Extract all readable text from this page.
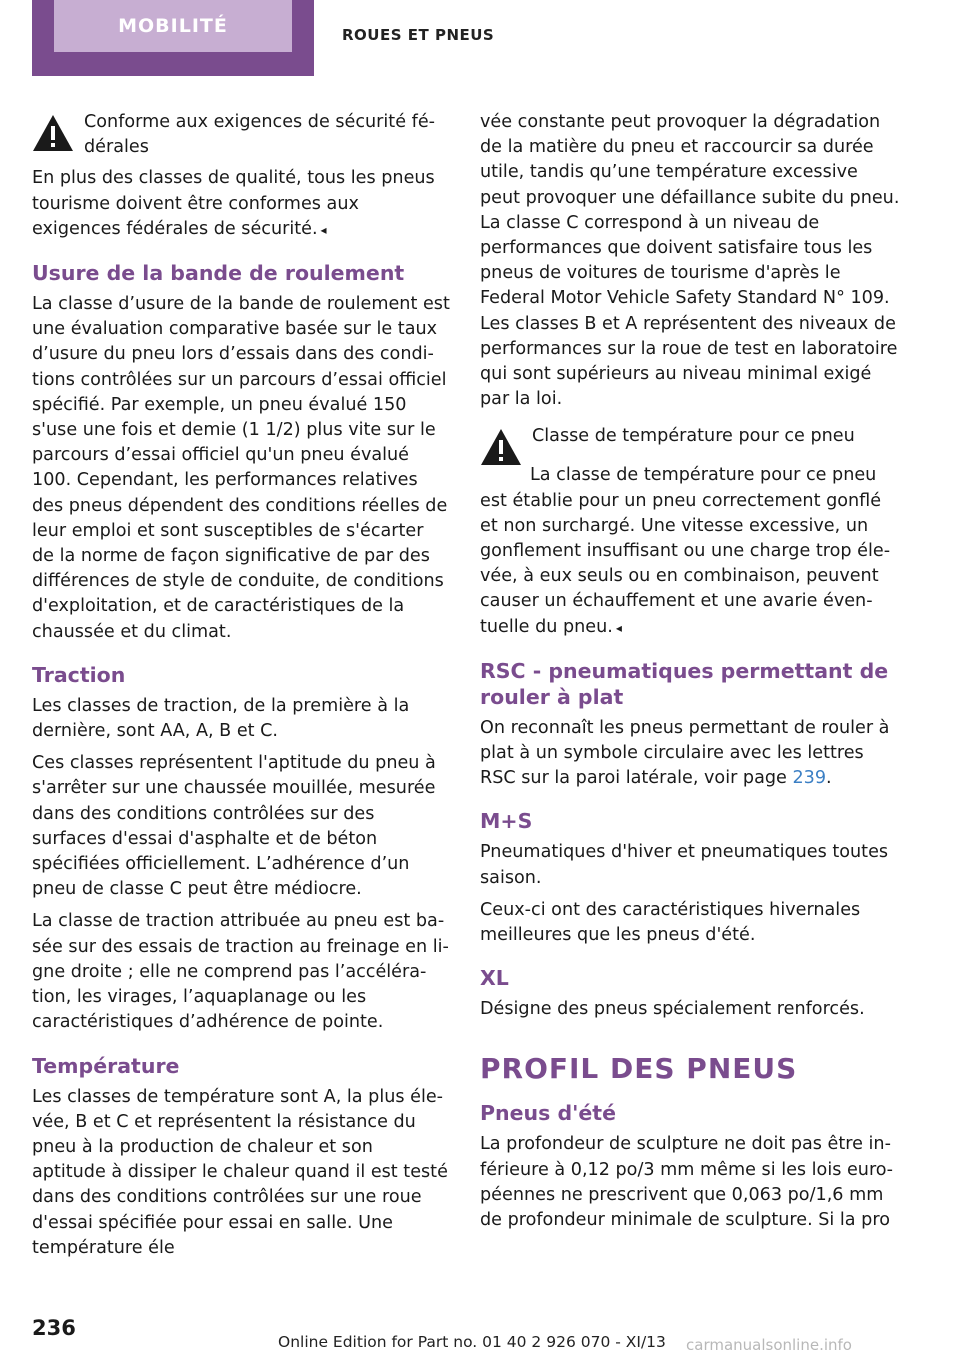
MOBILITÉ	ROUES ET PNEUS
Conforme aux exigences de sécurité fédérales

En plus des classes de qualité, tous les pneus tourisme doivent être conformes aux exigences fédérales de sécurité. ◂

Usure de la bande de roulement

La classe d’usure de la bande de roulement est une évaluation comparative basée sur le taux d’usure du pneu lors d’essais dans des conditions contrôlées sur un parcours d’essai officiel spécifié. Par exemple, un pneu évalué 150 s'use une fois et demie (1 1/2) plus vite sur le parcours d’essai officiel qu'un pneu évalué 100. Cependant, les performances relatives des pneus dépendent des conditions réelles de leur emploi et sont susceptibles de s'écarter de la norme de façon significative de par des différences de style de conduite, de conditions d'exploitation, et de caractéristiques de la chaussée et du climat.

Traction

Les classes de traction, de la première à la dernière, sont AA, A, B et C.

Ces classes représentent l'aptitude du pneu à s'arrêter sur une chaussée mouillée, mesurée dans des conditions contrôlées sur des surfaces d'essai d'asphalte et de béton spécifiées officiellement. L’adhérence d’un pneu de classe C peut être médiocre.

La classe de traction attribuée au pneu est basée sur des essais de traction au freinage en ligne droite ; elle ne comprend pas l’accélération, les virages, l’aquaplanage ou les caractéristiques d’adhérence de pointe.

Température

Les classes de température sont A, la plus élevée, B et C et représentent la résistance du pneu à la production de chaleur et son aptitude à dissiper le chaleur quand il est testé dans des conditions contrôlées sur une roue d'essai spécifiée pour essai en salle. Une température éle

vée constante peut provoquer la dégradation de la matière du pneu et raccourcir sa durée utile, tandis qu’une température excessive peut provoquer une défaillance subite du pneu. La classe C correspond à un niveau de performances que doivent satisfaire tous les pneus de voitures de tourisme d'après le Federal Motor Vehicle Safety Standard N° 109. Les classes B et A représentent des niveaux de performances sur la roue de test en laboratoire qui sont supérieurs au niveau minimal exigé par la loi.

Classe de température pour ce pneu

La classe de température pour ce pneu est établie pour un pneu correctement gonflé et non surchargé. Une vitesse excessive, un gonflement insuffisant ou une charge trop élevée, à eux seuls ou en combinaison, peuvent causer un échauffement et une avarie éventuelle du pneu. ◂

RSC - pneumatiques permettant de rouler à plat

On reconnaît les pneus permettant de rouler à plat à un symbole circulaire avec les lettres RSC sur la paroi latérale, voir page 239.

M+S

Pneumatiques d'hiver et pneumatiques toutes saison.

Ceux-ci ont des caractéristiques hivernales meilleures que les pneus d'été.

XL

Désigne des pneus spécialement renforcés.

PROFIL DES PNEUS
Pneus d'été

La profondeur de sculpture ne doit pas être inférieure à 0,12 po/3 mm même si les lois européennes ne prescrivent que 0,063 po/1,6 mm de profondeur minimale de sculpture. Si la pro

236
Online Edition for Part no. 01 40 2 926 070 - XI/13 carmanualsonline.info
